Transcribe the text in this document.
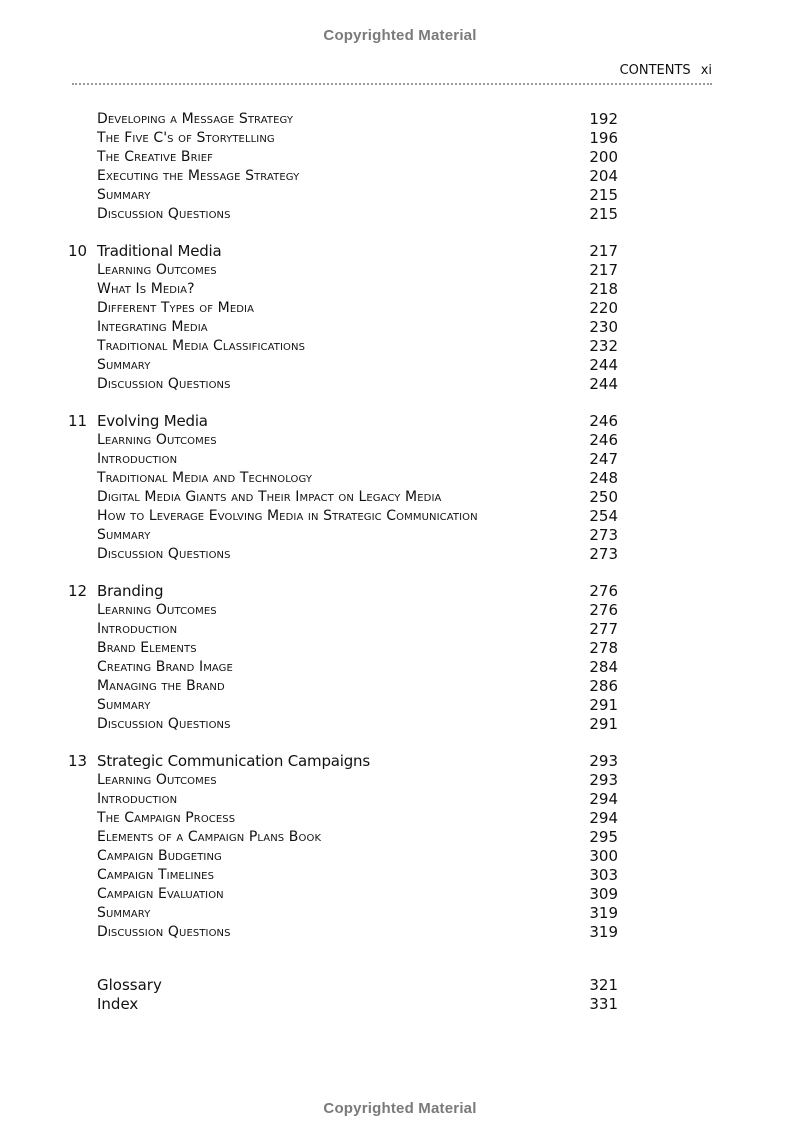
Copyrighted Material
CONTENTS xi
Developing a Message Strategy	192
The Five C's of Storytelling	196
The Creative Brief	200
Executing the Message Strategy	204
Summary	215
Discussion Questions	215
10 Traditional Media	217
Learning Outcomes	217
What Is Media?	218
Different Types of Media	220
Integrating Media	230
Traditional Media Classifications	232
Summary	244
Discussion Questions	244
11 Evolving Media	246
Learning Outcomes	246
Introduction	247
Traditional Media and Technology	248
Digital Media Giants and Their Impact on Legacy Media	250
How to Leverage Evolving Media in Strategic Communication	254
Summary	273
Discussion Questions	273
12 Branding	276
Learning Outcomes	276
Introduction	277
Brand Elements	278
Creating Brand Image	284
Managing the Brand	286
Summary	291
Discussion Questions	291
13 Strategic Communication Campaigns	293
Learning Outcomes	293
Introduction	294
The Campaign Process	294
Elements of a Campaign Plans Book	295
Campaign Budgeting	300
Campaign Timelines	303
Campaign Evaluation	309
Summary	319
Discussion Questions	319
Glossary	321
Index	331
Copyrighted Material
